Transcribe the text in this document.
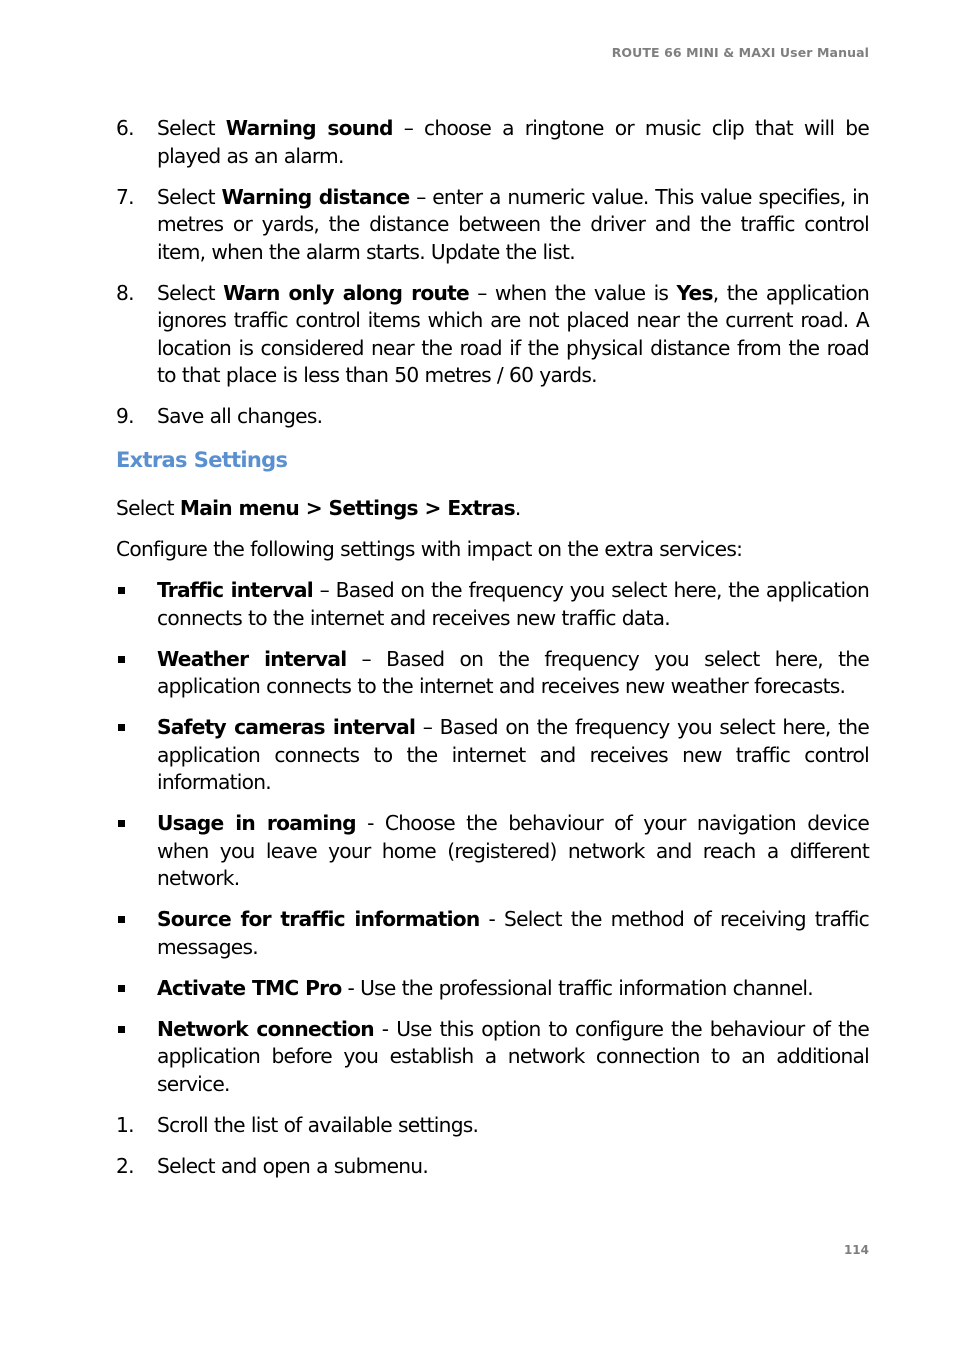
ROUTE 66 MINI & MAXI User Manual
6. Select Warning sound – choose a ringtone or music clip that will be played as an alarm.
7. Select Warning distance – enter a numeric value. This value specifies, in metres or yards, the distance between the driver and the traffic control item, when the alarm starts. Update the list.
8. Select Warn only along route – when the value is Yes, the application ignores traffic control items which are not placed near the current road. A location is considered near the road if the physical distance from the road to that place is less than 50 metres / 60 yards.
9. Save all changes.
Extras Settings

Select Main menu > Settings > Extras.

Configure the following settings with impact on the extra services:

Traffic interval – Based on the frequency you select here, the application connects to the internet and receives new traffic data.
Weather interval – Based on the frequency you select here, the application connects to the internet and receives new weather forecasts.
Safety cameras interval – Based on the frequency you select here, the application connects to the internet and receives new traffic control information.
Usage in roaming - Choose the behaviour of your navigation device when you leave your home (registered) network and reach a different network.
Source for traffic information - Select the method of receiving traffic messages.
Activate TMC Pro - Use the professional traffic information channel.
Network connection - Use this option to configure the behaviour of the application before you establish a network connection to an additional service.
1. Scroll the list of available settings.
2. Select and open a submenu.
114
